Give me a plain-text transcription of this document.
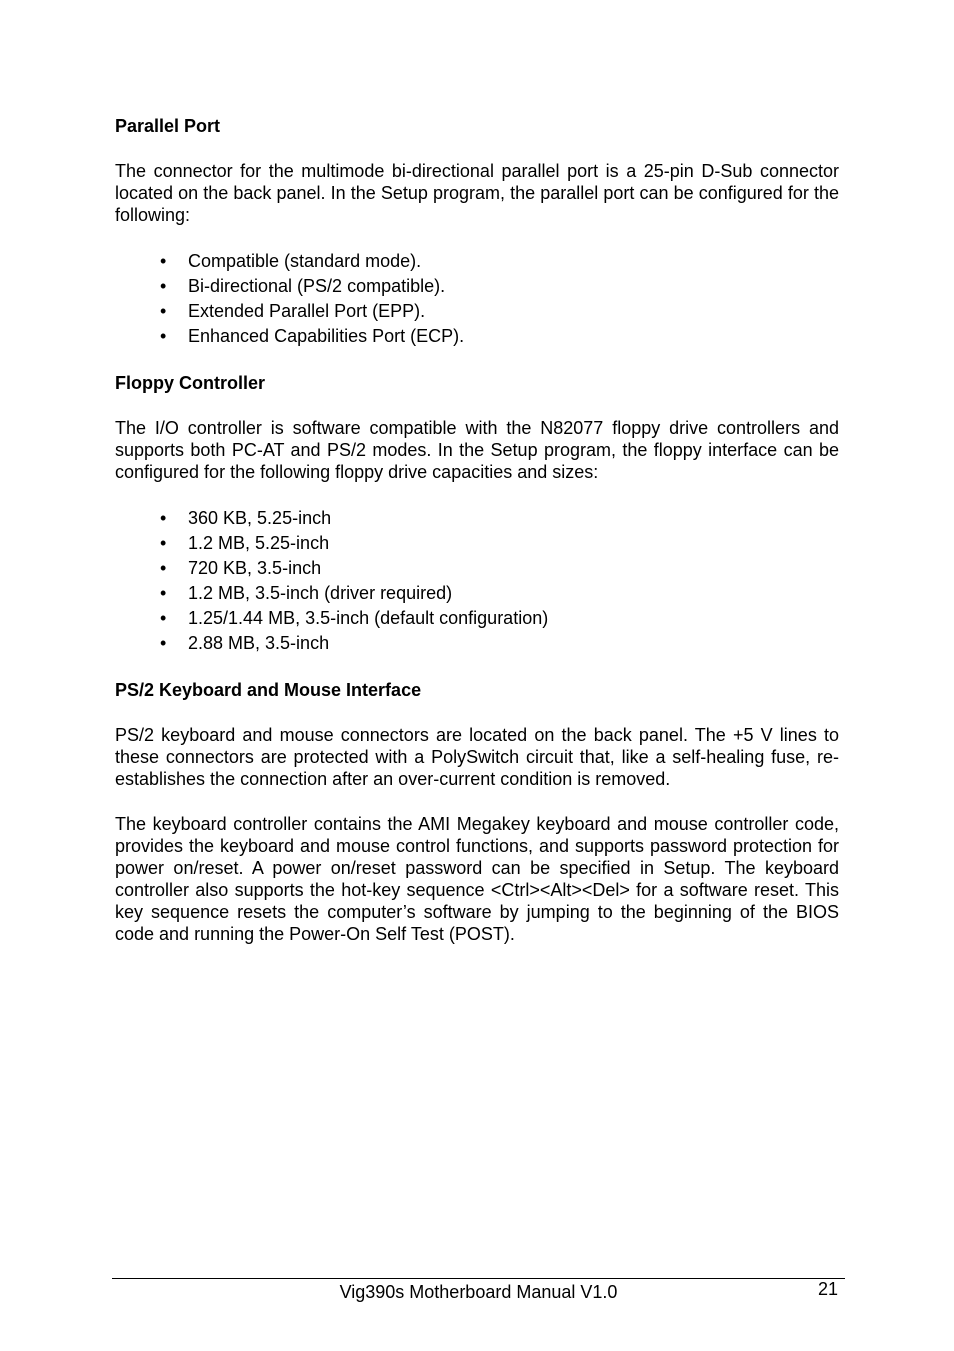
Parallel Port

The connector for the multimode bi-directional parallel port is a 25-pin D-Sub connector located on the back panel. In the Setup program, the parallel port can be configured for the following:

• Compatible (standard mode).
• Bi-directional (PS/2 compatible).
• Extended Parallel Port (EPP).
• Enhanced Capabilities Port (ECP).
Floppy Controller

The I/O controller is software compatible with the N82077 floppy drive controllers and supports both PC-AT and PS/2 modes. In the Setup program, the floppy interface can be configured for the following floppy drive capacities and sizes:

• 360 KB, 5.25-inch
• 1.2 MB, 5.25-inch
• 720 KB, 3.5-inch
• 1.2 MB, 3.5-inch (driver required)
• 1.25/1.44 MB, 3.5-inch (default configuration)
• 2.88 MB, 3.5-inch
PS/2 Keyboard and Mouse Interface

PS/2 keyboard and mouse connectors are located on the back panel. The +5 V lines to these connectors are protected with a PolySwitch circuit that, like a self-healing fuse, re-establishes the connection after an over-current condition is removed.

The keyboard controller contains the AMI Megakey keyboard and mouse controller code, provides the keyboard and mouse control functions, and supports password protection for power on/reset. A power on/reset password can be specified in Setup. The keyboard controller also supports the hot-key sequence <Ctrl><Alt><Del> for a software reset. This key sequence resets the computer’s software by jumping to the beginning of the BIOS code and running the Power-On Self Test (POST).

Vig390s Motherboard Manual V1.0	21
